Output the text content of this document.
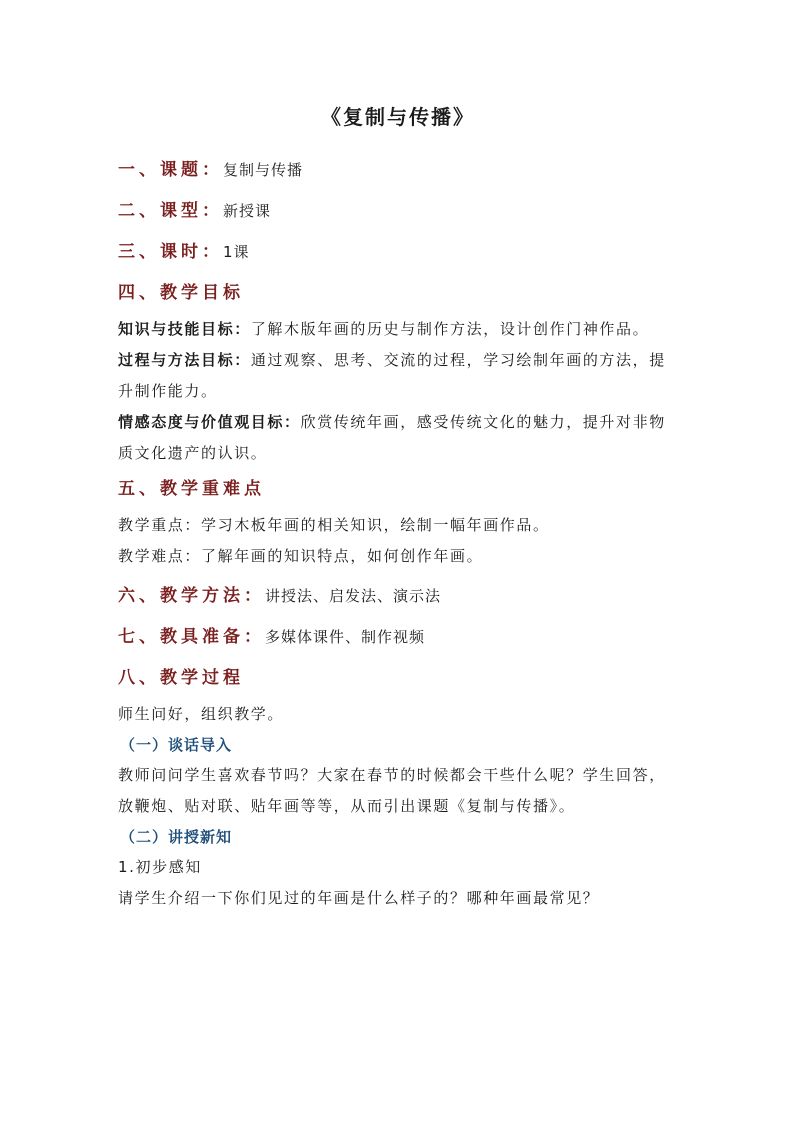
《复制与传播》
一、课题：复制与传播
二、课型：新授课
三、课时：1课
四、教学目标

知识与技能目标：了解木版年画的历史与制作方法，设计创作门神作品。

过程与方法目标：通过观察、思考、交流的过程，学习绘制年画的方法，提升制作能力。

情感态度与价值观目标：欣赏传统年画，感受传统文化的魅力，提升对非物质文化遗产的认识。

五、教学重难点

教学重点：学习木板年画的相关知识，绘制一幅年画作品。

教学难点：了解年画的知识特点，如何创作年画。

六、教学方法：讲授法、启发法、演示法
七、教具准备：多媒体课件、制作视频
八、教学过程

师生问好，组织教学。

（一）谈话导入

教师问问学生喜欢春节吗？大家在春节的时候都会干些什么呢？学生回答，放鞭炮、贴对联、贴年画等等，从而引出课题《复制与传播》。

（二）讲授新知

1.初步感知

请学生介绍一下你们见过的年画是什么样子的？哪种年画最常见？
